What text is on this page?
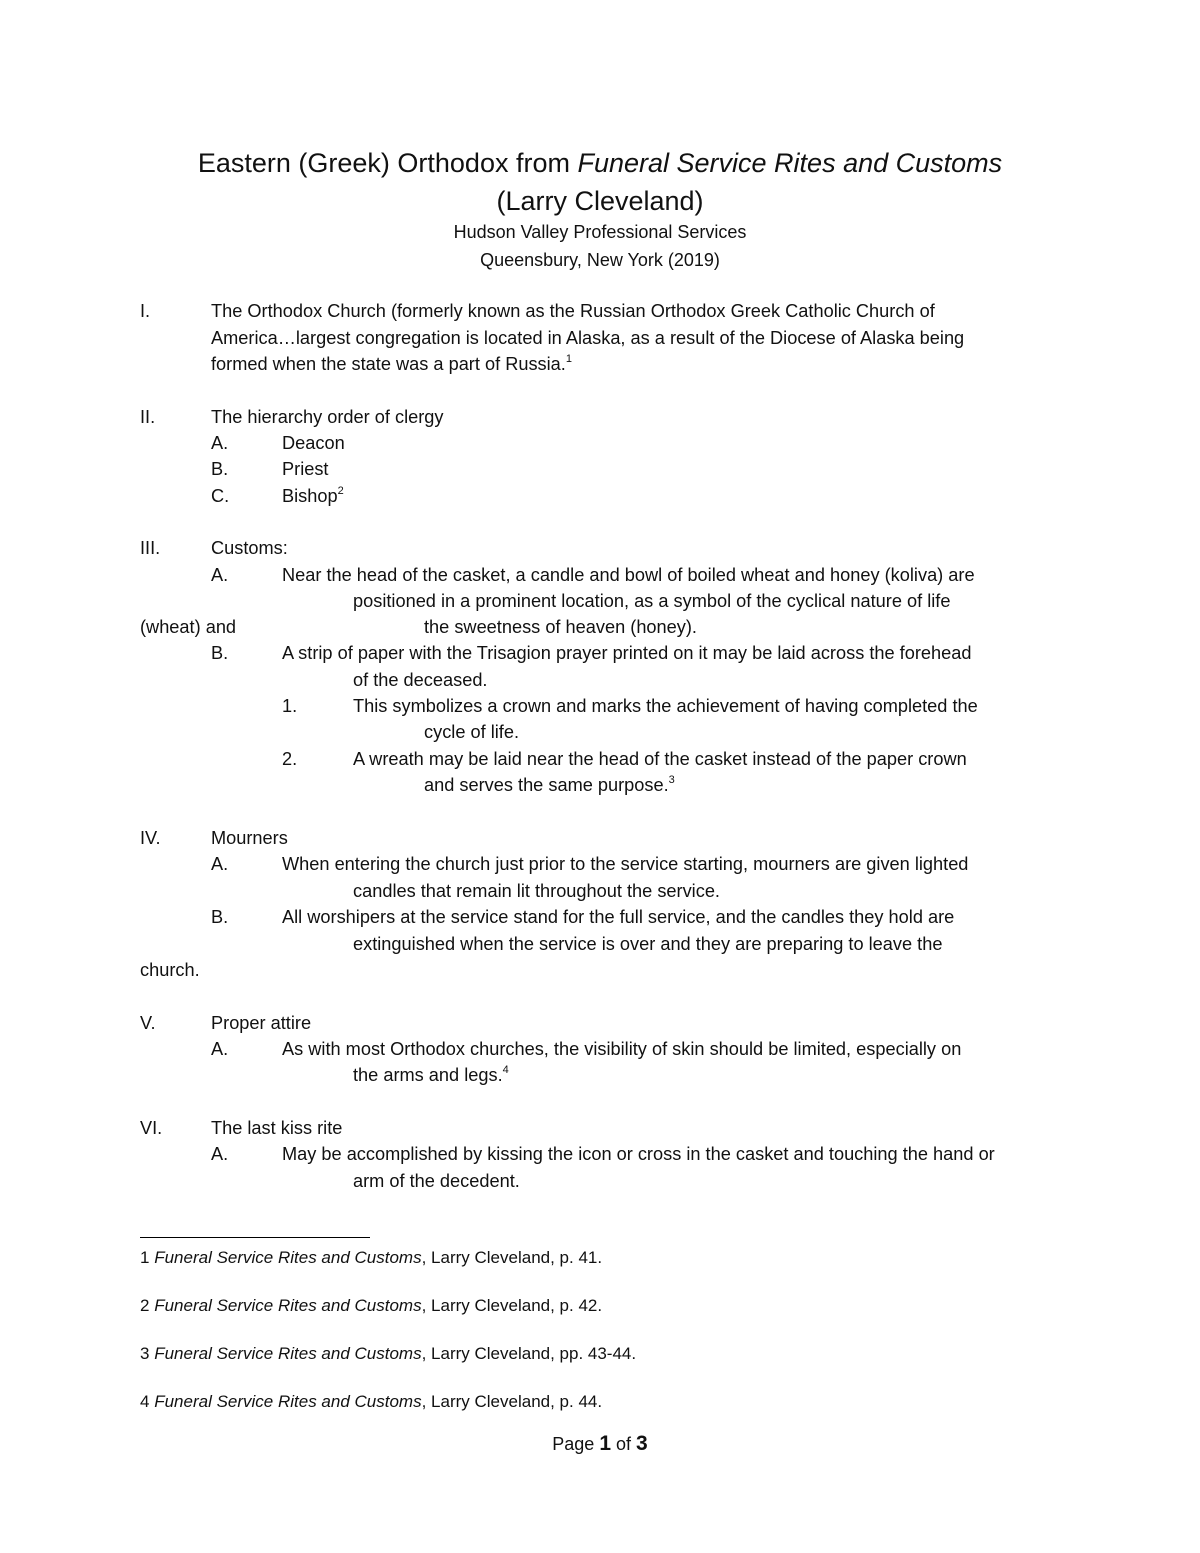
Eastern (Greek) Orthodox from Funeral Service Rites and Customs
(Larry Cleveland)
Hudson Valley Professional Services
Queensbury, New York (2019)
I.	The Orthodox Church (formerly known as the Russian Orthodox Greek Catholic Church of
America…largest congregation is located in Alaska, as a result of the Diocese of Alaska being
formed when the state was a part of Russia.$^1$
II.	The hierarchy order of clergy
A.	Deacon
B.	Priest
C.	Bishop$^2$
III.	Customs:
A.	Near the head of the casket, a candle and bowl of boiled wheat and honey (koliva) are
positioned in a prominent location, as a symbol of the cyclical nature of life
(wheat) and	the sweetness of heaven (honey).
B.	A strip of paper with the Trisagion prayer printed on it may be laid across the forehead
of the deceased.
1.	This symbolizes a crown and marks the achievement of having completed the
cycle of life.
2.	A wreath may be laid near the head of the casket instead of the paper crown
and serves the same purpose.$^3$
IV.	Mourners
A.	When entering the church just prior to the service starting, mourners are given lighted
candles that remain lit throughout the service.
B.	All worshipers at the service stand for the full service, and the candles they hold are
extinguished when the service is over and they are preparing to leave the
church.
V.	Proper attire
A.	As with most Orthodox churches, the visibility of skin should be limited, especially on
the arms and legs.$^4$
VI.	The last kiss rite
A.	May be accomplished by kissing the icon or cross in the casket and touching the hand or
arm of the decedent.
1 Funeral Service Rites and Customs, Larry Cleveland, p. 41.
2 Funeral Service Rites and Customs, Larry Cleveland, p. 42.
3 Funeral Service Rites and Customs, Larry Cleveland, pp. 43-44.
4 Funeral Service Rites and Customs, Larry Cleveland, p. 44.
Page 1 of 3
